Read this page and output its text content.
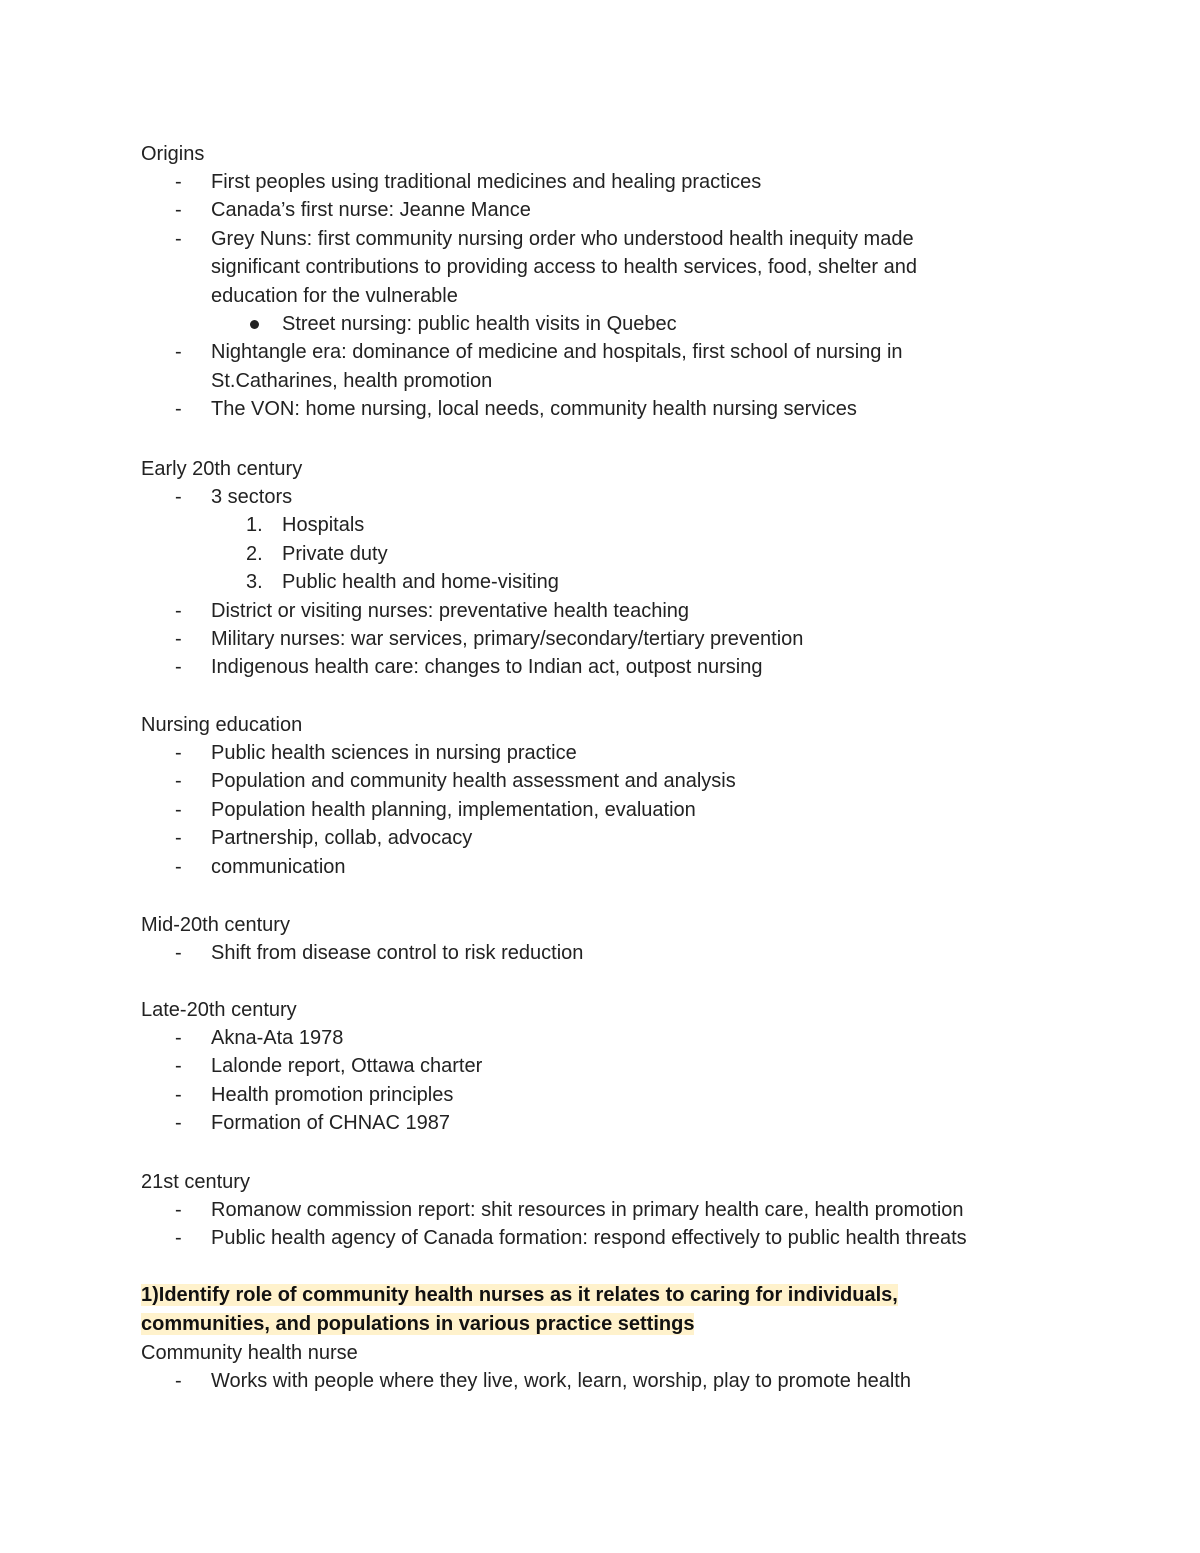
Origins
- First peoples using traditional medicines and healing practices
- Canada’s first nurse: Jeanne Mance
- Grey Nuns: first community nursing order who understood health inequity made significant contributions to providing access to health services, food, shelter and education for the vulnerable
Street nursing: public health visits in Quebec
- Nightangle era: dominance of medicine and hospitals, first school of nursing in St.Catharines, health promotion
- The VON: home nursing, local needs, community health nursing services
Early 20th century
- 3 sectors
1. Hospitals
2. Private duty
3. Public health and home-visiting
- District or visiting nurses: preventative health teaching
- Military nurses: war services, primary/secondary/tertiary prevention
- Indigenous health care: changes to Indian act, outpost nursing
Nursing education
- Public health sciences in nursing practice
- Population and community health assessment and analysis
- Population health planning, implementation, evaluation
- Partnership, collab, advocacy
- communication
Mid-20th century
- Shift from disease control to risk reduction
Late-20th century
- Akna-Ata 1978
- Lalonde report, Ottawa charter
- Health promotion principles
- Formation of CHNAC 1987
21st century
- Romanow commission report: shit resources in primary health care, health promotion
- Public health agency of Canada formation: respond effectively to public health threats
1)Identify role of community health nurses as it relates to caring for individuals,
communities, and populations in various practice settings
Community health nurse
- Works with people where they live, work, learn, worship, play to promote health
